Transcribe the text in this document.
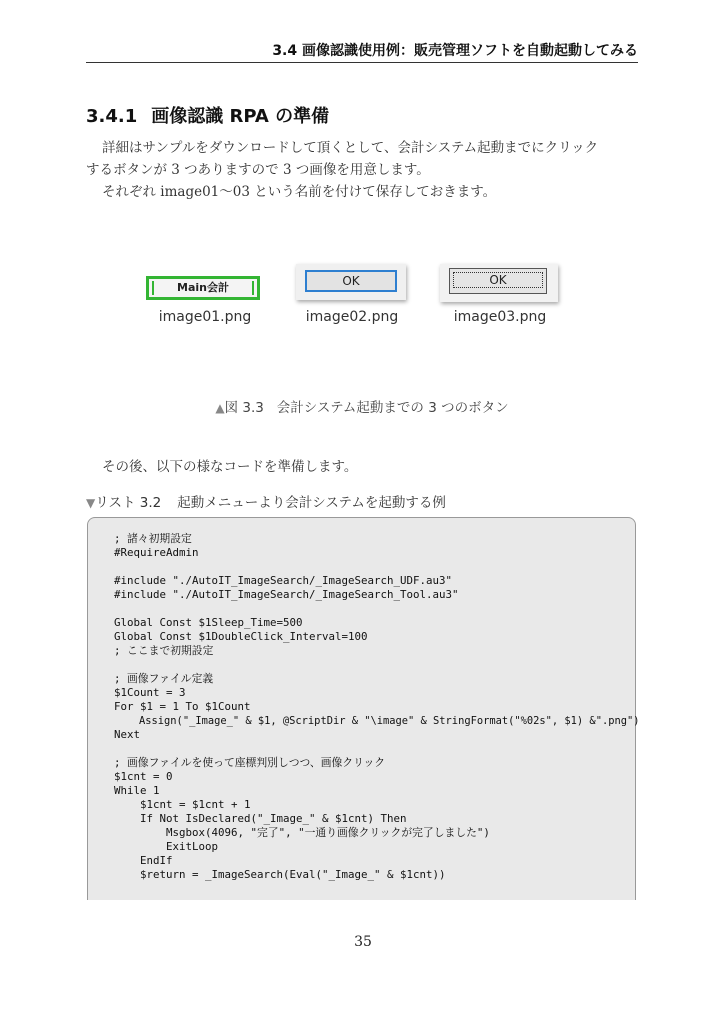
3.4 画像認識使用例：販売管理ソフトを自動起動してみる
3.4.1 画像認識 RPA の準備
詳細はサンプルをダウンロードして頂くとして、会計システム起動までにクリック
するボタンが 3 つありますので 3 つ画像を用意します。
それぞれ image01〜03 という名前を付けて保存しておきます。
Main会計
image01.png
OK
image02.png
OK
image03.png
▲図 3.3 会計システム起動までの 3 つのボタン
その後、以下の様なコードを準備します。
▼リスト 3.2 起動メニューより会計システムを起動する例
; 諸々初期設定
#RequireAdmin
#include "./AutoIT_ImageSearch/_ImageSearch_UDF.au3"
#include "./AutoIT_ImageSearch/_ImageSearch_Tool.au3"
Global Const $1Sleep_Time=500
Global Const $1DoubleClick_Interval=100
; ここまで初期設定
; 画像ファイル定義
$1Count = 3
For $1 = 1 To $1Count
Assign("_Image_" & $1, @ScriptDir & "\image" & StringFormat("%02s", $1) &".png")
Next
; 画像ファイルを使って座標判別しつつ、画像クリック
$1cnt = 0
While 1
$1cnt = $1cnt + 1
If Not IsDeclared("_Image_" & $1cnt) Then
Msgbox(4096, "完了", "一通り画像クリックが完了しました")
ExitLoop
EndIf
$return = _ImageSearch(Eval("_Image_" & $1cnt))
35
